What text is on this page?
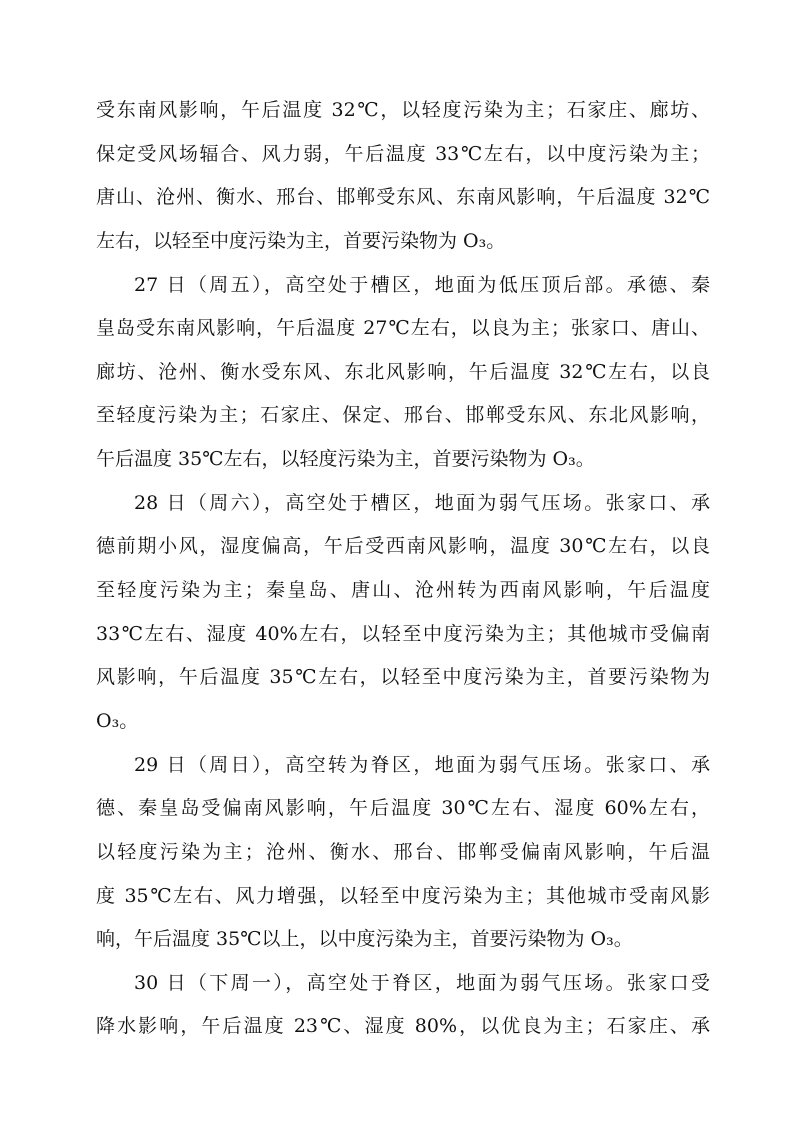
受东南风影响，午后温度 32℃，以轻度污染为主；石家庄、廊坊、
保定受风场辐合、风力弱，午后温度 33℃左右，以中度污染为主；
唐山、沧州、衡水、邢台、邯郸受东风、东南风影响，午后温度 32℃
左右，以轻至中度污染为主，首要污染物为 O₃。
27 日（周五），高空处于槽区，地面为低压顶后部。承德、秦
皇岛受东南风影响，午后温度 27℃左右，以良为主；张家口、唐山、
廊坊、沧州、衡水受东风、东北风影响，午后温度 32℃左右，以良
至轻度污染为主；石家庄、保定、邢台、邯郸受东风、东北风影响，
午后温度 35℃左右，以轻度污染为主，首要污染物为 O₃。
28 日（周六），高空处于槽区，地面为弱气压场。张家口、承
德前期小风，湿度偏高，午后受西南风影响，温度 30℃左右，以良
至轻度污染为主；秦皇岛、唐山、沧州转为西南风影响，午后温度
33℃左右、湿度 40%左右，以轻至中度污染为主；其他城市受偏南
风影响，午后温度 35℃左右，以轻至中度污染为主，首要污染物为
O₃。
29 日（周日），高空转为脊区，地面为弱气压场。张家口、承
德、秦皇岛受偏南风影响，午后温度 30℃左右、湿度 60%左右，
以轻度污染为主；沧州、衡水、邢台、邯郸受偏南风影响，午后温
度 35℃左右、风力增强，以轻至中度污染为主；其他城市受南风影
响，午后温度 35℃以上，以中度污染为主，首要污染物为 O₃。
30 日（下周一），高空处于脊区，地面为弱气压场。张家口受
降水影响，午后温度 23℃、湿度 80%，以优良为主；石家庄、承
